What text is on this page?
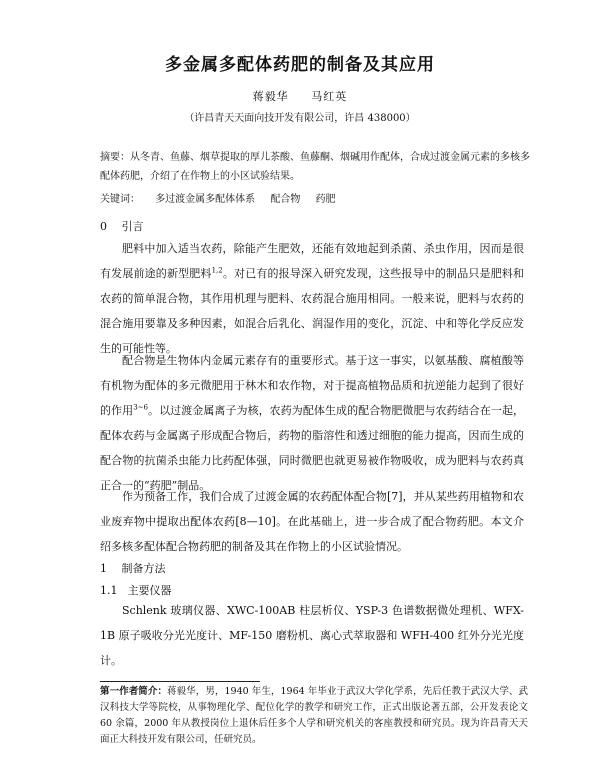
多金属多配体药肥的制备及其应用
蒋毅华 马红英
（许昌青天天面向技开发有限公司，许昌 438000）
摘要：从冬青、鱼藤、烟草提取的厚儿茶酸、鱼藤酮、烟碱用作配体，合成过渡金属元素的多核多配体药肥，介绍了在作物上的小区试验结果。
关键词： 多过渡金属多配体体系 配合物 药肥
0 引言
肥料中加入适当农药，除能产生肥效，还能有效地起到杀菌、杀虫作用，因而是很有发展前途的新型肥料$^{1,2}$。对已有的报导深入研究发现，这些报导中的制品只是肥料和农药的简单混合物，其作用机理与肥料、农药混合施用相同。一般来说，肥料与农药的混合施用要靠及多种因素，如混合后乳化、润湿作用的变化，沉淀、中和等化学反应发生的可能性等。
配合物是生物体内金属元素存有的重要形式。基于这一事实，以氨基酸、腐植酸等有机物为配体的多元微肥用于林木和农作物，对于提高植物品质和抗逆能力起到了很好的作用$^{3\sim 6}$。以过渡金属离子为核，农药为配体生成的配合物肥微肥与农药结合在一起，配体农药与金属离子形成配合物后，药物的脂溶性和透过细胞的能力提高，因而生成的配合物的抗菌杀虫能力比药配体强，同时微肥也就更易被作物吸收，成为肥料与农药真正合一的“药肥”制品。
作为预备工作，我们合成了过渡金属的农药配体配合物[7]，并从某些药用植物和农业废弃物中提取出配体农药[8—10]。在此基础上，进一步合成了配合物药肥。本文介绍多核多配体配合物药肥的制备及其在作物上的小区试验情况。
1 制备方法
1.1 主要仪器
Schlenk 玻璃仪器、XWC-100AB 柱层析仪、YSP-3 色谱数据微处理机、WFX-1B 原子吸收分光光度计、MF-150 磨粉机、离心式萃取器和 WFH-400 红外分光光度计。
第一作者简介：蒋毅华，男，1940 年生，1964 年毕业于武汉大学化学系，先后任教于武汉大学、武汉科技大学等院校，从事物理化学、配位化学的教学和研究工作，正式出版论著五部，公开发表论文 60 余篇，2000 年从教授岗位上退休后任多个人学和研究机关的客座教授和研究员。现为许昌青天天面正大科技开发有限公司，任研究员。
